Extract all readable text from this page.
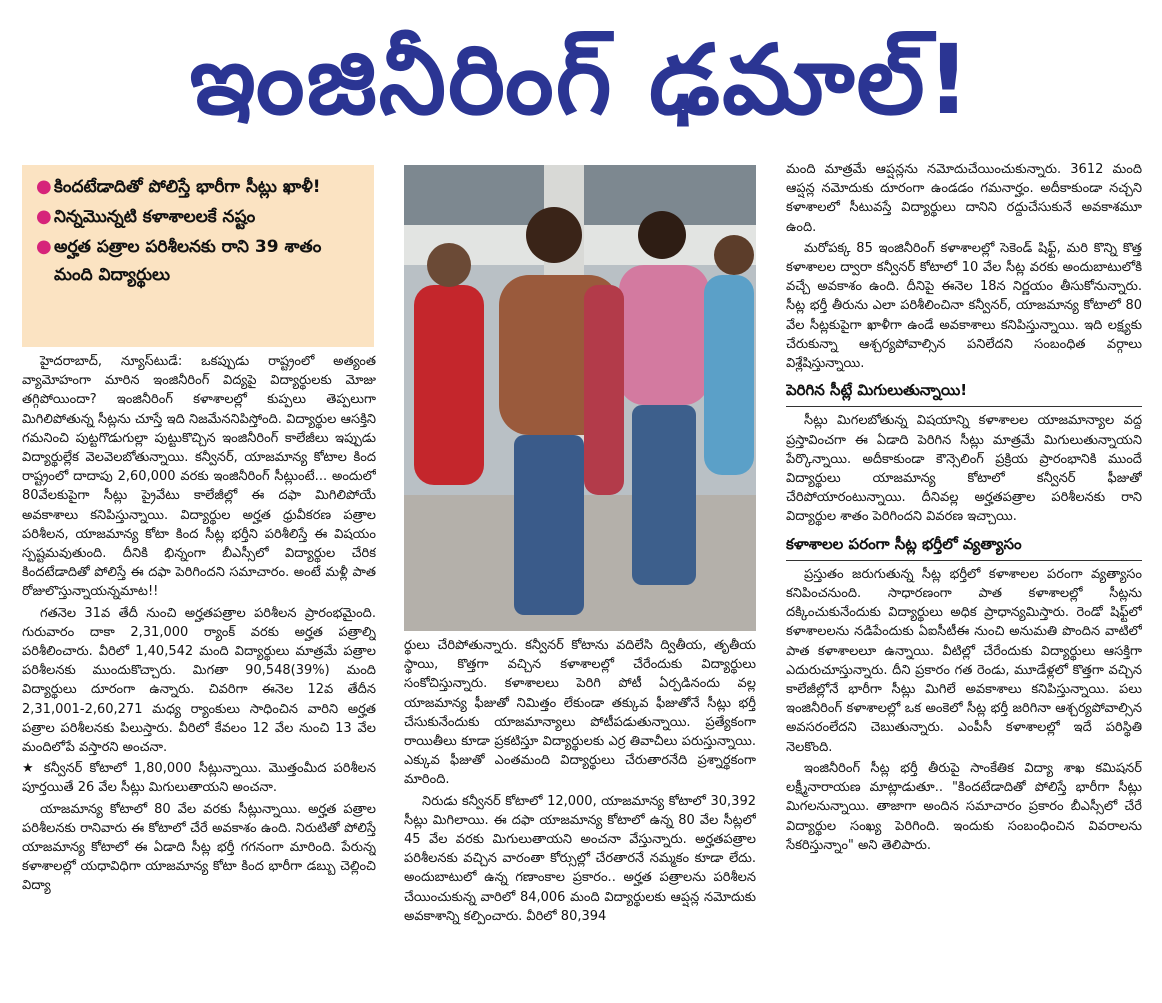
ఇంజినీరింగ్ ఢమాల్!
● కిందటేడాదితో పోలిస్తే భారీగా సీట్లు ఖాళీ!
● నిన్నమొన్నటి కళాశాలలకే నష్టం
● అర్హత పత్రాల పరిశీలనకు రాని 39 శాతం మంది విద్యార్థులు

హైదరాబాద్, న్యూస్‌టుడే: ఒకప్పుడు రాష్ట్రంలో అత్యంత వ్యామోహంగా మారిన ఇంజినీరింగ్ విద్యపై విద్యార్థులకు మోజు తగ్గిపోయిందా? ఇంజినీరింగ్ కళాశాలల్లో కుప్పలు తెప్పలుగా మిగిలిపోతున్న సీట్లను చూస్తే ఇది నిజమేననిపిస్తోంది. విద్యార్థుల ఆసక్తిని గమనించి పుట్టగొడుగుల్లా పుట్టుకొచ్చిన ఇంజినీరింగ్ కాలేజీలు ఇప్పుడు విద్యార్థుల్లేక వెలవెలబోతున్నాయి. కన్వీనర్, యాజమాన్య కోటాల కింద రాష్ట్రంలో దాదాపు 2,60,000 వరకు ఇంజినీరింగ్ సీట్లుంటే... అందులో 80వేలకుపైగా సీట్లు ప్రైవేటు కాలేజీల్లో ఈ దఫా మిగిలిపోయే అవకాశాలు కనిపిస్తున్నాయి. విద్యార్థుల అర్హత ధ్రువీకరణ పత్రాల పరిశీలన, యాజమాన్య కోటా కింద సీట్ల భర్తీని పరిశీలిస్తే ఈ విషయం స్పష్టమవుతుంది. దీనికి భిన్నంగా బీఎస్సీలో విద్యార్థుల చేరిక కిందటేడాదితో పోలిస్తే ఈ దఫా పెరిగిందని సమాచారం. అంటే మళ్లీ పాత రోజులొస్తున్నాయన్నమాట!!

గతనెల 31వ తేదీ నుంచి అర్హతపత్రాల పరిశీలన ప్రారంభమైంది. గురువారం దాకా 2,31,000 ర్యాంక్ వరకు అర్హత పత్రాల్ని పరిశీలించారు. వీరిలో 1,40,542 మంది విద్యార్థులు మాత్రమే పత్రాల పరిశీలనకు ముందుకొచ్చారు. మిగతా 90,548(39%) మంది విద్యార్థులు దూరంగా ఉన్నారు. చివరిగా ఈనెల 12వ తేదీన 2,31,001-2,60,271 మధ్య ర్యాంకులు సాధించిన వారిని అర్హత పత్రాల పరిశీలనకు పిలుస్తారు. వీరిలో కేవలం 12 వేల నుంచి 13 వేల మందిలోపే వస్తారని అంచనా.

★ కన్వీనర్ కోటాలో 1,80,000 సీట్లున్నాయి. మొత్తంమీద పరిశీలన పూర్తయితే 26 వేల సీట్లు మిగులుతాయని అంచనా.

యాజమాన్య కోటాలో 80 వేల వరకు సీట్లున్నాయి. అర్హత పత్రాల పరిశీలనకు రానివారు ఈ కోటాలో చేరే అవకాశం ఉంది. నిరుటితో పోలిస్తే యాజమాన్య కోటాలో ఈ ఏడాది సీట్ల భర్తీ గగనంగా మారింది. పేరున్న కళాశాలల్లో యధావిధిగా యాజమాన్య కోటా కింద భారీగా డబ్బు చెల్లించి విద్యా

ర్థులు చేరిపోతున్నారు. కన్వీనర్ కోటాను వదిలేసి ద్వితీయ, తృతీయ స్థాయి, కొత్తగా వచ్చిన కళాశాలల్లో చేరేందుకు విద్యార్థులు సంకోచిస్తున్నారు. కళాశాలలు పెరిగి పోటీ ఏర్పడినందు వల్ల యాజమాన్య ఫీజుతో నిమిత్తం లేకుండా తక్కువ ఫీజుతోనే సీట్లు భర్తీ చేసుకునేందుకు యాజమాన్యాలు పోటీపడుతున్నాయి. ప్రత్యేకంగా రాయితీలు కూడా ప్రకటిస్తూ విద్యార్థులకు ఎర్ర తివాచీలు పరుస్తున్నాయి. ఎక్కువ ఫీజుతో ఎంతమంది విద్యార్థులు చేరుతారనేది ప్రశ్నార్థకంగా మారింది.

నిరుడు కన్వీనర్ కోటాలో 12,000, యాజమాన్య కోటాలో 30,392 సీట్లు మిగిలాయి. ఈ దఫా యాజమాన్య కోటాలో ఉన్న 80 వేల సీట్లలో 45 వేల వరకు మిగులుతాయని అంచనా వేస్తున్నారు. అర్హతపత్రాల పరిశీలనకు వచ్చిన వారంతా కోర్సుల్లో చేరతారనే నమ్మకం కూడా లేదు. అందుబాటులో ఉన్న గణాంకాల ప్రకారం.. అర్హత పత్రాలను పరిశీలన చేయించుకున్న వారిలో 84,006 మంది విద్యార్థులకు ఆప్షన్ల నమోదుకు అవకాశాన్ని కల్పించారు. వీరిలో 80,394

మంది మాత్రమే ఆప్షన్లను నమోదుచేయించుకున్నారు. 3612 మంది ఆప్షన్ల నమోదుకు దూరంగా ఉండడం గమనార్హం. అదీకాకుండా నచ్చని కళాశాలలో సీటువస్తే విద్యార్థులు దానిని రద్దుచేసుకునే అవకాశమూ ఉంది.

మరోపక్క 85 ఇంజినీరింగ్ కళాశాలల్లో సెకెండ్ షిఫ్ట్, మరి కొన్ని కొత్త కళాశాలల ద్వారా కన్వీనర్ కోటాలో 10 వేల సీట్ల వరకు అందుబాటులోకి వచ్చే అవకాశం ఉంది. దీనిపై ఈనెల 18న నిర్ణయం తీసుకోనున్నారు. సీట్ల భర్తీ తీరును ఎలా పరిశీలించినా కన్వీనర్, యాజమాన్య కోటాలో 80 వేల సీట్లకుపైగా ఖాళీగా ఉండే అవకాశాలు కనిపిస్తున్నాయి. ఇది లక్ష్యకు చేరుకున్నా ఆశ్చర్యపోవాల్సిన పనిలేదని సంబంధిత వర్గాలు విశ్లేషిస్తున్నాయి.

పెరిగిన సీట్లే మిగులుతున్నాయి!

సీట్లు మిగలబోతున్న విషయాన్ని కళాశాలల యాజమాన్యాల వద్ద ప్రస్తావించగా ఈ ఏడాది పెరిగిన సీట్లు మాత్రమే మిగులుతున్నాయని పేర్కొన్నాయి. అదీకాకుండా కౌన్సెలింగ్ ప్రక్రియ ప్రారంభానికి ముందే విద్యార్థులు యాజమాన్య కోటాలో కన్వీనర్ ఫీజుతో చేరిపోయారంటున్నాయి. దీనివల్ల అర్హతపత్రాల పరిశీలనకు రాని విద్యార్థుల శాతం పెరిగిందని వివరణ ఇచ్చాయి.

కళాశాలల పరంగా సీట్ల భర్తీలో వ్యత్యాసం

ప్రస్తుతం జరుగుతున్న సీట్ల భర్తీలో కళాశాలల పరంగా వ్యత్యాసం కనిపించనుంది. సాధారణంగా పాత కళాశాలల్లో సీట్లను దక్కించుకునేందుకు విద్యార్థులు అధిక ప్రాధాన్యమిస్తారు. రెండో షిఫ్ట్‌లో కళాశాలలను నడిపేందుకు ఏఐసీటీఈ నుంచి అనుమతి పొందిన వాటిలో పాత కళాశాలలూ ఉన్నాయి. వీటిల్లో చేరేందుకు విద్యార్థులు ఆసక్తిగా ఎదురుచూస్తున్నారు. దీని ప్రకారం గత రెండు, మూడేళ్లలో కొత్తగా వచ్చిన కాలేజీల్లోనే భారీగా సీట్లు మిగిలే అవకాశాలు కనిపిస్తున్నాయి. పలు ఇంజినీరింగ్ కళాశాలల్లో ఒక అంకెలో సీట్ల భర్తీ జరిగినా ఆశ్చర్యపోవాల్సిన అవసరంలేదని చెబుతున్నారు. ఎంపీసీ కళాశాలల్లో ఇదే పరిస్థితి నెలకొంది.

ఇంజినీరింగ్ సీట్ల భర్తీ తీరుపై సాంకేతిక విద్యా శాఖ కమిషనర్ లక్ష్మీనారాయణ మాట్లాడుతూ.. "కిందటేడాదితో పోలిస్తే భారీగా సీట్లు మిగలనున్నాయి. తాజాగా అందిన సమాచారం ప్రకారం బీఎస్సీలో చేరే విద్యార్థుల సంఖ్య పెరిగింది. ఇందుకు సంబంధించిన వివరాలను సేకరిస్తున్నాం" అని తెలిపారు.
